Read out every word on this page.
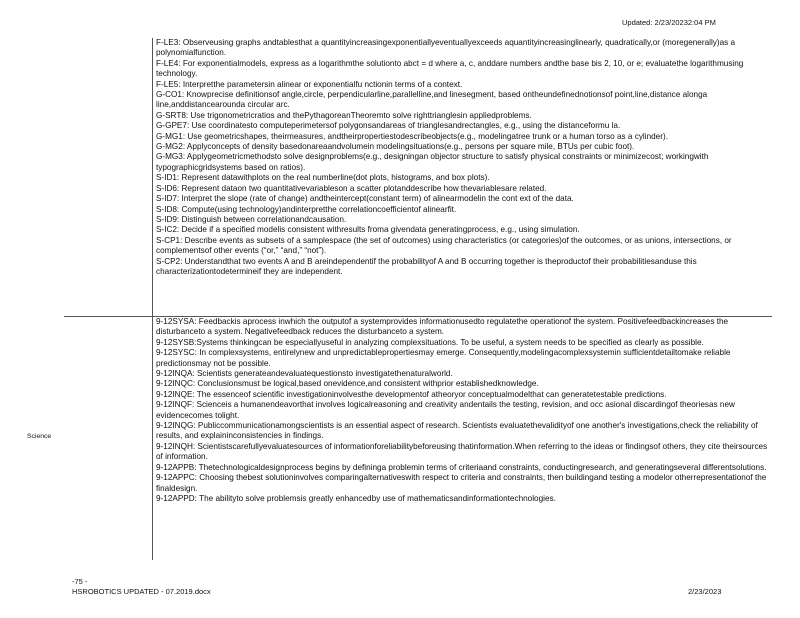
Updated: 2/23/20232:04 PM

F-LE3: Observeusing graphs andtablesthat a quantityincreasingexponentiallyeventuallyexceeds aquantityincreasinglinearly, quadratically,or (moregenerally)as a polynomialfunction.

F-LE4: For exponentialmodels, express as a logarithmthe solutionto abct = d where a, c, anddare numbers andthe base bis 2, 10, or e; evaluatethe logarithmusing technology.

F-LE5: Interpretthe parametersin alinear or exponentialfu nctionin terms of a context.

G-CO1: Knowprecise definitionsof angle,circle, perpendicularline,parallelline,and linesegment, based ontheundefinednotionsof point,line,distance alonga line,anddistancearounda circular arc.

G-SRT8: Use trigonometricratios and thePythagoreanTheoremto solve righttrianglesin appliedproblems.

G-GPE7: Use coordinatesto computeperimetersof polygonsandareas of trianglesandrectangles, e.g., using the distanceformu la.

G-MG1: Use geometricshapes, theirmeasures, andtheirpropertiestodescribeobjects(e.g., modelingatree trunk or a human torso as a cylinder).

G-MG2: Applyconcepts of density basedonareaandvolumein modelingsituations(e.g., persons per square mile, BTUs per cubic foot).

G-MG3: Applygeometricmethodsto solve designproblems(e.g., designingan objector structure to satisfy physical constraints or minimizecost; workingwith typographicgridsystems based on ratios).

S-ID1: Represent datawithplots on the real numberline(dot plots, histograms, and box plots).

S-ID6: Represent dataon two quantitativevariableson a scatter plotanddescribe how thevariablesare related.

S-ID7: Interpret the slope (rate of change) andtheintercept(constant term) of alinearmodelin the cont ext of the data.

S-ID8: Compute(using technology)andinterpretthe correlationcoefficientof alinearfit.

S-ID9: Distinguish between correlationandcausation.

S-IC2: Decide if a specified modelis consistent withresults froma givendata generatingprocess, e.g., using simulation.

S-CP1: Describe events as subsets of a samplespace (the set of outcomes) using characteristics (or categories)of the outcomes, or as unions, intersections, or complementsof other events (“or,” “and,” “not”).

S-CP2: Understandthat two events A and B areindependentif the probabilityof A and B occurring together is theproductof their probabilitiesanduse this characterizationtodetermineif they are independent.

Science

9-12SYSA: Feedbackis aprocess inwhich the outputof a systemprovides informationusedto regulatethe operationof the system. Positivefeedbackincreases the disturbanceto a system. Negativefeedback reduces the disturbanceto a system.

9-12SYSB:Systems thinkingcan be especiallyuseful in analyzing complexsituations. To be useful, a system needs to be specified as clearly as possible.

9-12SYSC: In complexsystems, entirelynew and unpredictablepropertiesmay emerge. Consequently,modelingacomplexsystemin sufficientdetailtomake reliable predictionsmay not be possible.

9-12INQA: Scientists generateandevaluatequestionsto investigatethenaturalworld.

9-12INQC: Conclusionsmust be logical,based onevidence,and consistent withprior establishedknowledge.

9-12INQE: The essenceof scientific investigationinvolvesthe developmentof atheoryor conceptualmodelthat can generatetestable predictions.

9-12INQF: Scienceis a humanendeavorthat involves logicalreasoning and creativity andentails the testing, revision, and occ asional discardingof theoriesas new evidencecomes tolight.

9-12INQG: Publiccommunicationamongscientists is an essential aspect of research. Scientists evaluatethevalidityof one another's investigations,check the reliability of results, and explaininconsistencies in findings.

9-12INQH: Scientistscarefullyevaluatesources of informationforeliabilitybeforeusing thatinformation.When referring to the ideas or findingsof others, they cite theirsources of information.

9-12APPB: Thetechnologicaldesignprocess begins by defininga problemin terms of criteriaand constraints, conductingresearch, and generatingseveral differentsolutions.

9-12APPC: Choosing thebest solutioninvolves comparingalternativeswith respect to criteria and constraints, then buildingand testing a modelor otherrepresentationof the finaldesign.

9-12APPD: The abilityto solve problemsis greatly enhancedby use of mathematicsandinformationtechnologies.

-75 -
HSROBOTICS UPDATED - 07.2019.docx	2/23/2023
